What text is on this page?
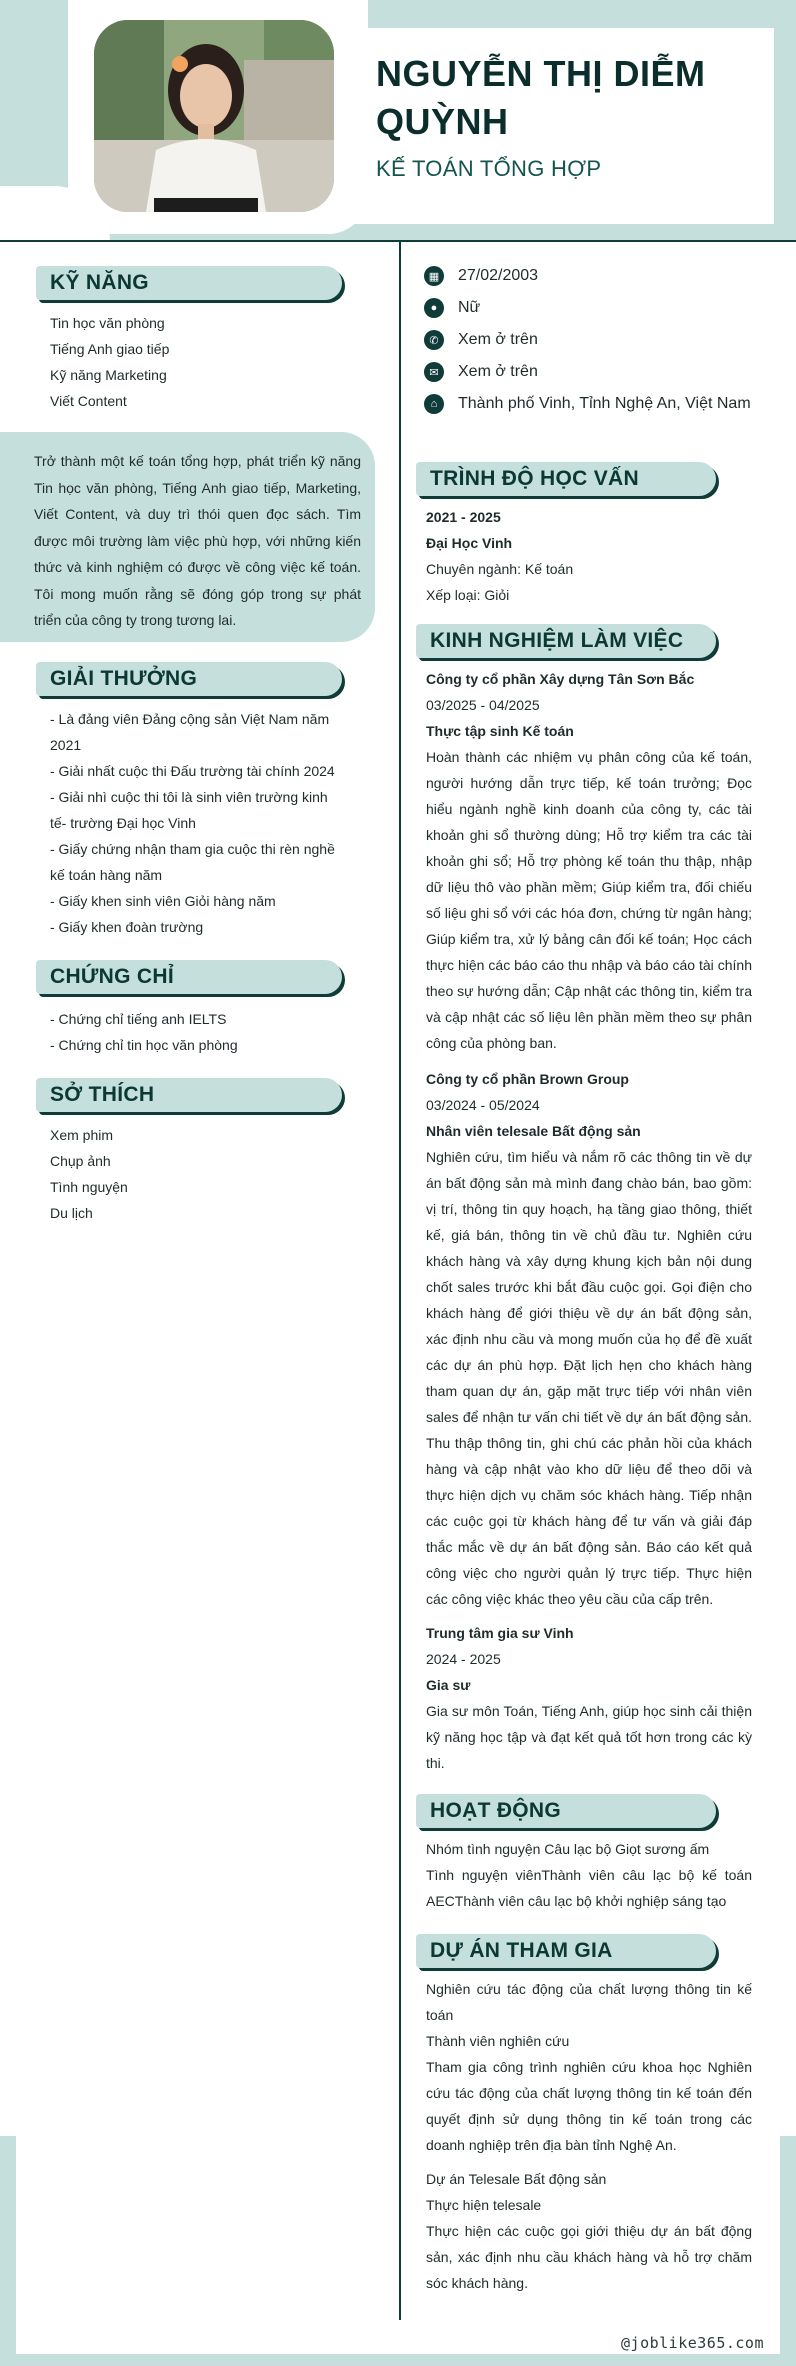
NGUYỄN THỊ DIỄM QUỲNH
KẾ TOÁN TỔNG HỢP
KỸ NĂNG
Tin học văn phòng
Tiếng Anh giao tiếp
Kỹ năng Marketing
Viết Content
Trở thành một kế toán tổng hợp, phát triển kỹ năng Tin học văn phòng, Tiếng Anh giao tiếp, Marketing, Viết Content, và duy trì thói quen đọc sách. Tìm được môi trường làm việc phù hợp, với những kiến thức và kinh nghiệm có được về công việc kế toán. Tôi mong muốn rằng sẽ đóng góp trong sự phát triển của công ty trong tương lai.
GIẢI THƯỞNG
- Là đảng viên Đảng cộng sản Việt Nam năm 2021
- Giải nhất cuộc thi Đấu trường tài chính 2024
- Giải nhì cuộc thi tôi là sinh viên trường kinh tế- trường Đại học Vinh
- Giấy chứng nhận tham gia cuộc thi rèn nghề kế toán hàng năm
- Giấy khen sinh viên Giỏi hàng năm
- Giấy khen đoàn trường
CHỨNG CHỈ
- Chứng chỉ tiếng anh IELTS
- Chứng chỉ tin học văn phòng
SỞ THÍCH
Xem phim
Chụp ảnh
Tình nguyện
Du lịch
▦ 27/02/2003
●	Nữ
✆	Xem ở trên
✉	Xem ở trên
⌂	Thành phố Vinh, Tỉnh Nghệ An, Việt Nam
TRÌNH ĐỘ HỌC VẤN
2021 - 2025
Đại Học Vinh
Chuyên ngành: Kế toán
Xếp loại: Giỏi
KINH NGHIỆM LÀM VIỆC
Công ty cổ phần Xây dựng Tân Sơn Bắc
03/2025 - 04/2025
Thực tập sinh Kế toán
Hoàn thành các nhiệm vụ phân công của kế toán, người hướng dẫn trực tiếp, kế toán trưởng; Đọc hiểu ngành nghề kinh doanh của công ty, các tài khoản ghi sổ thường dùng; Hỗ trợ kiểm tra các tài khoản ghi sổ; Hỗ trợ phòng kế toán thu thập, nhập dữ liệu thô vào phần mềm; Giúp kiểm tra, đối chiếu số liệu ghi sổ với các hóa đơn, chứng từ ngân hàng; Giúp kiểm tra, xử lý bảng cân đối kế toán; Học cách thực hiện các báo cáo thu nhập và báo cáo tài chính theo sự hướng dẫn; Cập nhật các thông tin, kiểm tra và cập nhật các số liệu lên phần mềm theo sự phân công của phòng ban.
Công ty cổ phần Brown Group
03/2024 - 05/2024
Nhân viên telesale Bất động sản
Nghiên cứu, tìm hiểu và nắm rõ các thông tin về dự án bất động sản mà mình đang chào bán, bao gồm: vị trí, thông tin quy hoạch, hạ tầng giao thông, thiết kế, giá bán, thông tin về chủ đầu tư. Nghiên cứu khách hàng và xây dựng khung kịch bản nội dung chốt sales trước khi bắt đầu cuộc gọi. Gọi điện cho khách hàng để giới thiệu về dự án bất động sản, xác định nhu cầu và mong muốn của họ để đề xuất các dự án phù hợp. Đặt lịch hẹn cho khách hàng tham quan dự án, gặp mặt trực tiếp với nhân viên sales để nhận tư vấn chi tiết về dự án bất động sản. Thu thập thông tin, ghi chú các phản hồi của khách hàng và cập nhật vào kho dữ liệu để theo dõi và thực hiện dịch vụ chăm sóc khách hàng. Tiếp nhận các cuộc gọi từ khách hàng để tư vấn và giải đáp thắc mắc về dự án bất động sản. Báo cáo kết quả công việc cho người quản lý trực tiếp. Thực hiện các công việc khác theo yêu cầu của cấp trên.
Trung tâm gia sư Vinh
2024 - 2025
Gia sư
Gia sư môn Toán, Tiếng Anh, giúp học sinh cải thiện kỹ năng học tập và đạt kết quả tốt hơn trong các kỳ thi.
HOẠT ĐỘNG
Nhóm tình nguyện Câu lạc bộ Giọt sương ấm
Tình nguyện viênThành viên câu lạc bộ kế toán AECThành viên câu lạc bộ khởi nghiệp sáng tạo
DỰ ÁN THAM GIA
Nghiên cứu tác động của chất lượng thông tin kế toán
Thành viên nghiên cứu
Tham gia công trình nghiên cứu khoa học Nghiên cứu tác động của chất lượng thông tin kế toán đến quyết định sử dụng thông tin kế toán trong các doanh nghiệp trên địa bàn tỉnh Nghệ An.
Dự án Telesale Bất động sản
Thực hiện telesale
Thực hiện các cuộc gọi giới thiệu dự án bất động sản, xác định nhu cầu khách hàng và hỗ trợ chăm sóc khách hàng.
@joblike365.com
